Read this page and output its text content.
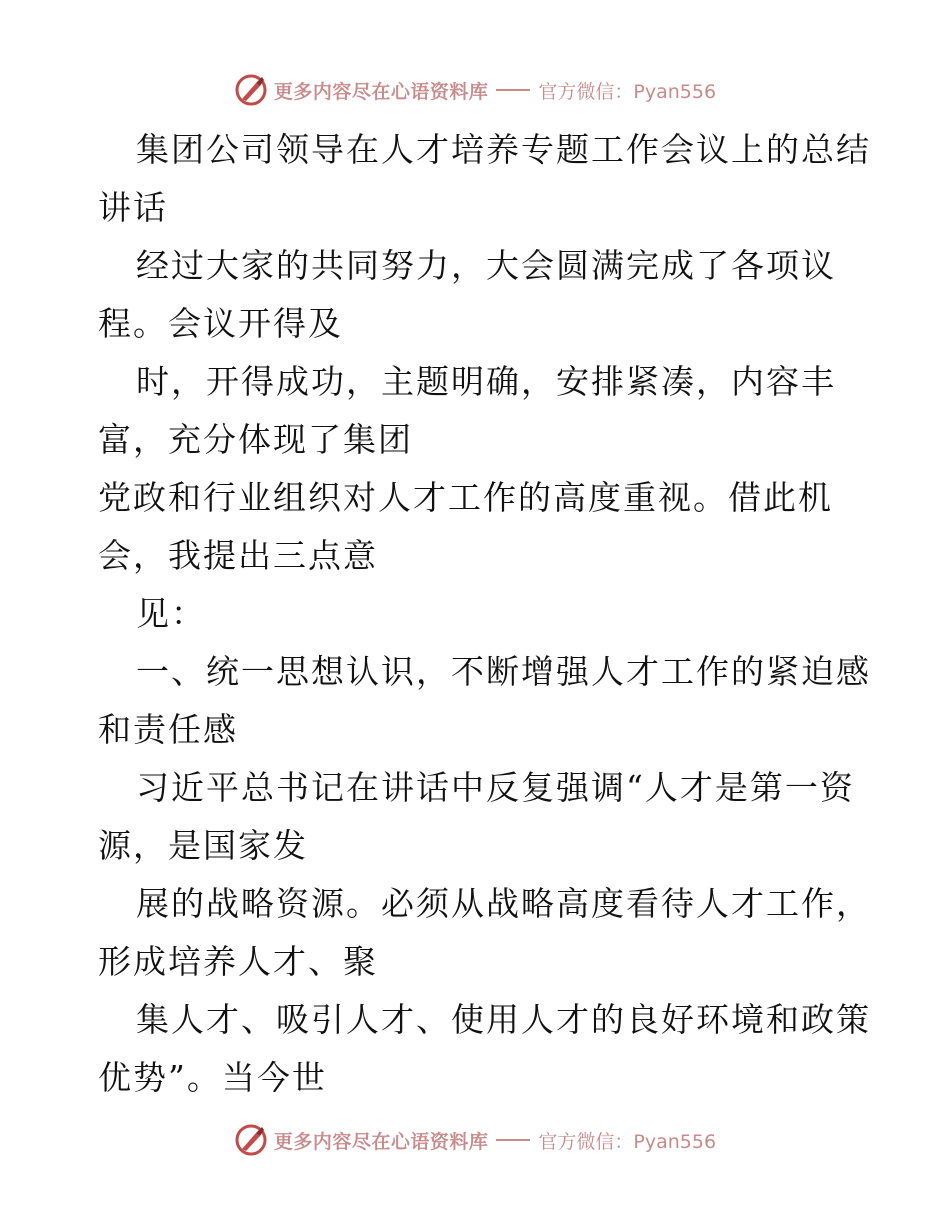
更多内容尽在心语资料库	官方微信：Pyan556
集团公司领导在人才培养专题工作会议上的总结
讲话
经过大家的共同努力，大会圆满完成了各项议
程。会议开得及
时，开得成功，主题明确，安排紧凑，内容丰
富，充分体现了集团
党政和行业组织对人才工作的高度重视。借此机
会，我提出三点意
见：
一、统一思想认识，不断增强人才工作的紧迫感
和责任感
习近平总书记在讲话中反复强调“人才是第一资
源，是国家发
展的战略资源。必须从战略高度看待人才工作，
形成培养人才、聚
集人才、吸引人才、使用人才的良好环境和政策
优势”。当今世
更多内容尽在心语资料库	官方微信：Pyan556
